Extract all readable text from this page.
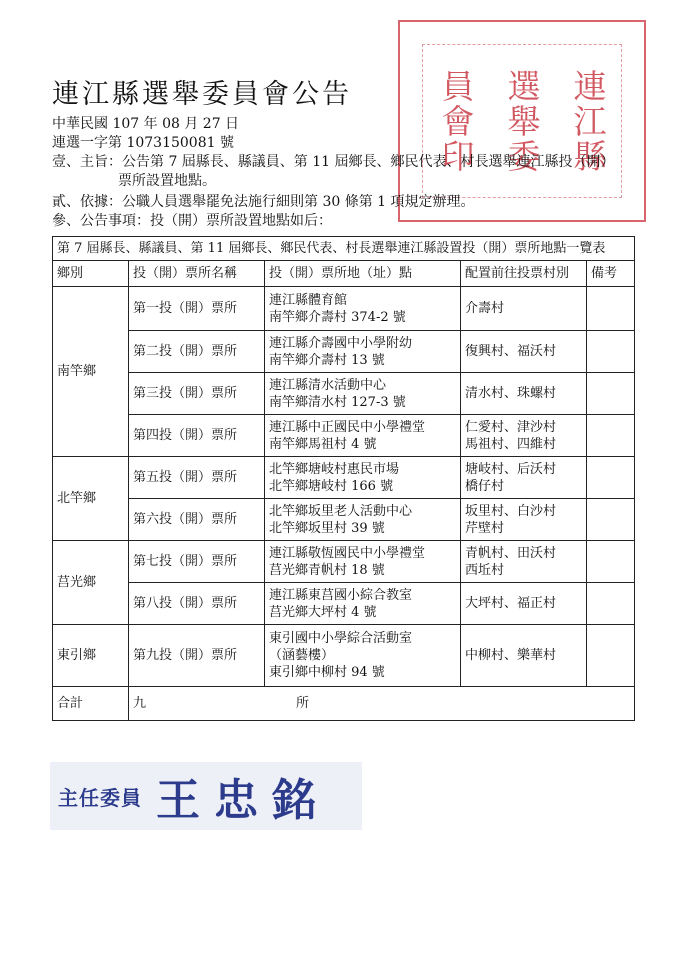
連江縣選舉委員會公告	連江縣
選舉委
員會印
中華民國 107 年 08 月 27 日
連選一字第 1073150081 號
壹、主旨：公告第 7 屆縣長、縣議員、第 11 屆鄉長、鄉民代表、村長選舉連江縣投（開）
票所設置地點。
貳、依據：公職人員選舉罷免法施行細則第 30 條第 1 項規定辦理。
參、公告事項：投（開）票所設置地點如后：
第 7 屆縣長、縣議員、第 11 屆鄉長、鄉民代表、村長選舉連江縣設置投（開）票所地點一覽表				
鄉別	投（開）票所名稱	投（開）票所地（址）點	配置前往投票村別	備考
南竿鄉	第一投（開）票所	連江縣體育館
南竿鄉介壽村 374-2 號	介壽村	

	第二投（開）票所	連江縣介壽國中小學附幼
南竿鄉介壽村 13 號	復興村、福沃村	

	第三投（開）票所	連江縣清水活動中心
南竿鄉清水村 127-3 號	清水村、珠螺村	

	第四投（開）票所	連江縣中正國民中小學禮堂
南竿鄉馬祖村 4 號	仁愛村、津沙村
馬祖村、四維村	

北竿鄉	第五投（開）票所	北竿鄉塘岐村惠民市場
北竿鄉塘岐村 166 號	塘岐村、后沃村
橋仔村	

	第六投（開）票所	北竿鄉坂里老人活動中心
北竿鄉坂里村 39 號	坂里村、白沙村
芹壁村	

莒光鄉	第七投（開）票所	連江縣敬恆國民中小學禮堂
莒光鄉青帆村 18 號	青帆村、田沃村
西坵村	

	第八投（開）票所	連江縣東莒國小綜合教室
莒光鄉大坪村 4 號	大坪村、福正村	

東引鄉	第九投（開）票所	東引國中小學綜合活動室
（涵藝樓）
東引鄉中柳村 94 號	中柳村、樂華村	

合計	九 所			
主任委員 王忠銘
